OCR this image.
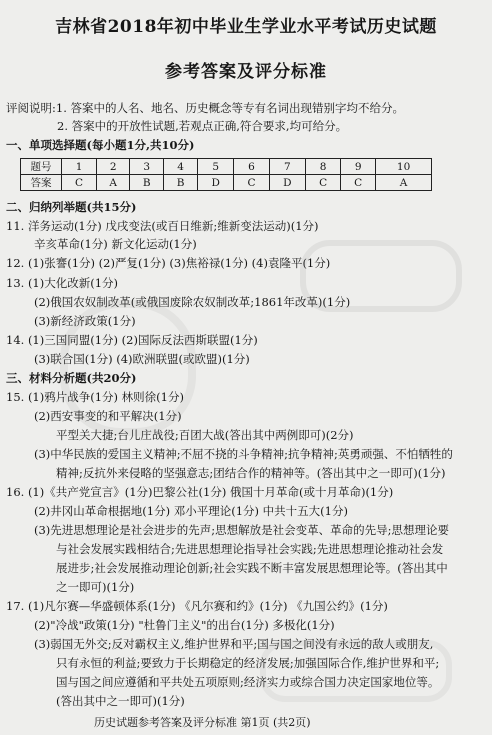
吉林省2018年初中毕业生学业水平考试历史试题
参考答案及评分标准
评阅说明:1. 答案中的人名、地名、历史概念等专有名词出现错别字均不给分。
2. 答案中的开放性试题,若观点正确,符合要求,均可给分。
一、单项选择题(每小题1分,共10分)
题号	1	2	3	4	5	6	7	8	9	10
答案	C	A	B	B	D	C	D	C	C	A
二、归纳列举题(共15分)
11. 洋务运动(1分) 戊戌变法(或百日维新;维新变法运动)(1分)
辛亥革命(1分) 新文化运动(1分)
12. (1)张謇(1分) (2)严复(1分) (3)焦裕禄(1分) (4)袁隆平(1分)
13. (1)大化改新(1分)
(2)俄国农奴制改革(或俄国废除农奴制改革;1861年改革)(1分)
(3)新经济政策(1分)
14. (1)三国同盟(1分) (2)国际反法西斯联盟(1分)
(3)联合国(1分) (4)欧洲联盟(或欧盟)(1分)
三、材料分析题(共20分)
15. (1)鸦片战争(1分) 林则徐(1分)
(2)西安事变的和平解决(1分)
平型关大捷;台儿庄战役;百团大战(答出其中两例即可)(2分)
(3)中华民族的爱国主义精神;不屈不挠的斗争精神;抗争精神;英勇顽强、不怕牺牲的
精神;反抗外来侵略的坚强意志;团结合作的精神等。(答出其中之一即可)(1分)
16. (1)《共产党宣言》(1分)巴黎公社(1分) 俄国十月革命(或十月革命)(1分)
(2)井冈山革命根据地(1分) 邓小平理论(1分) 中共十五大(1分)
(3)先进思想理论是社会进步的先声;思想解放是社会变革、革命的先导;思想理论要
与社会发展实践相结合;先进思想理论指导社会实践;先进思想理论推动社会发
展进步;社会发展推动理论创新;社会实践不断丰富发展思想理论等。(答出其中
之一即可)(1分)
17. (1)凡尔赛—华盛顿体系(1分) 《凡尔赛和约》(1分) 《九国公约》(1分)
(2)"冷战"政策(1分) "杜鲁门主义"的出台(1分) 多极化(1分)
(3)弱国无外交;反对霸权主义,维护世界和平;国与国之间没有永远的敌人或朋友,
只有永恒的利益;要致力于长期稳定的经济发展;加强国际合作,维护世界和平;
国与国之间应遵循和平共处五项原则;经济实力或综合国力决定国家地位等。
(答出其中之一即可)(1分)
历史试题参考答案及评分标准 第1页 (共2页)
